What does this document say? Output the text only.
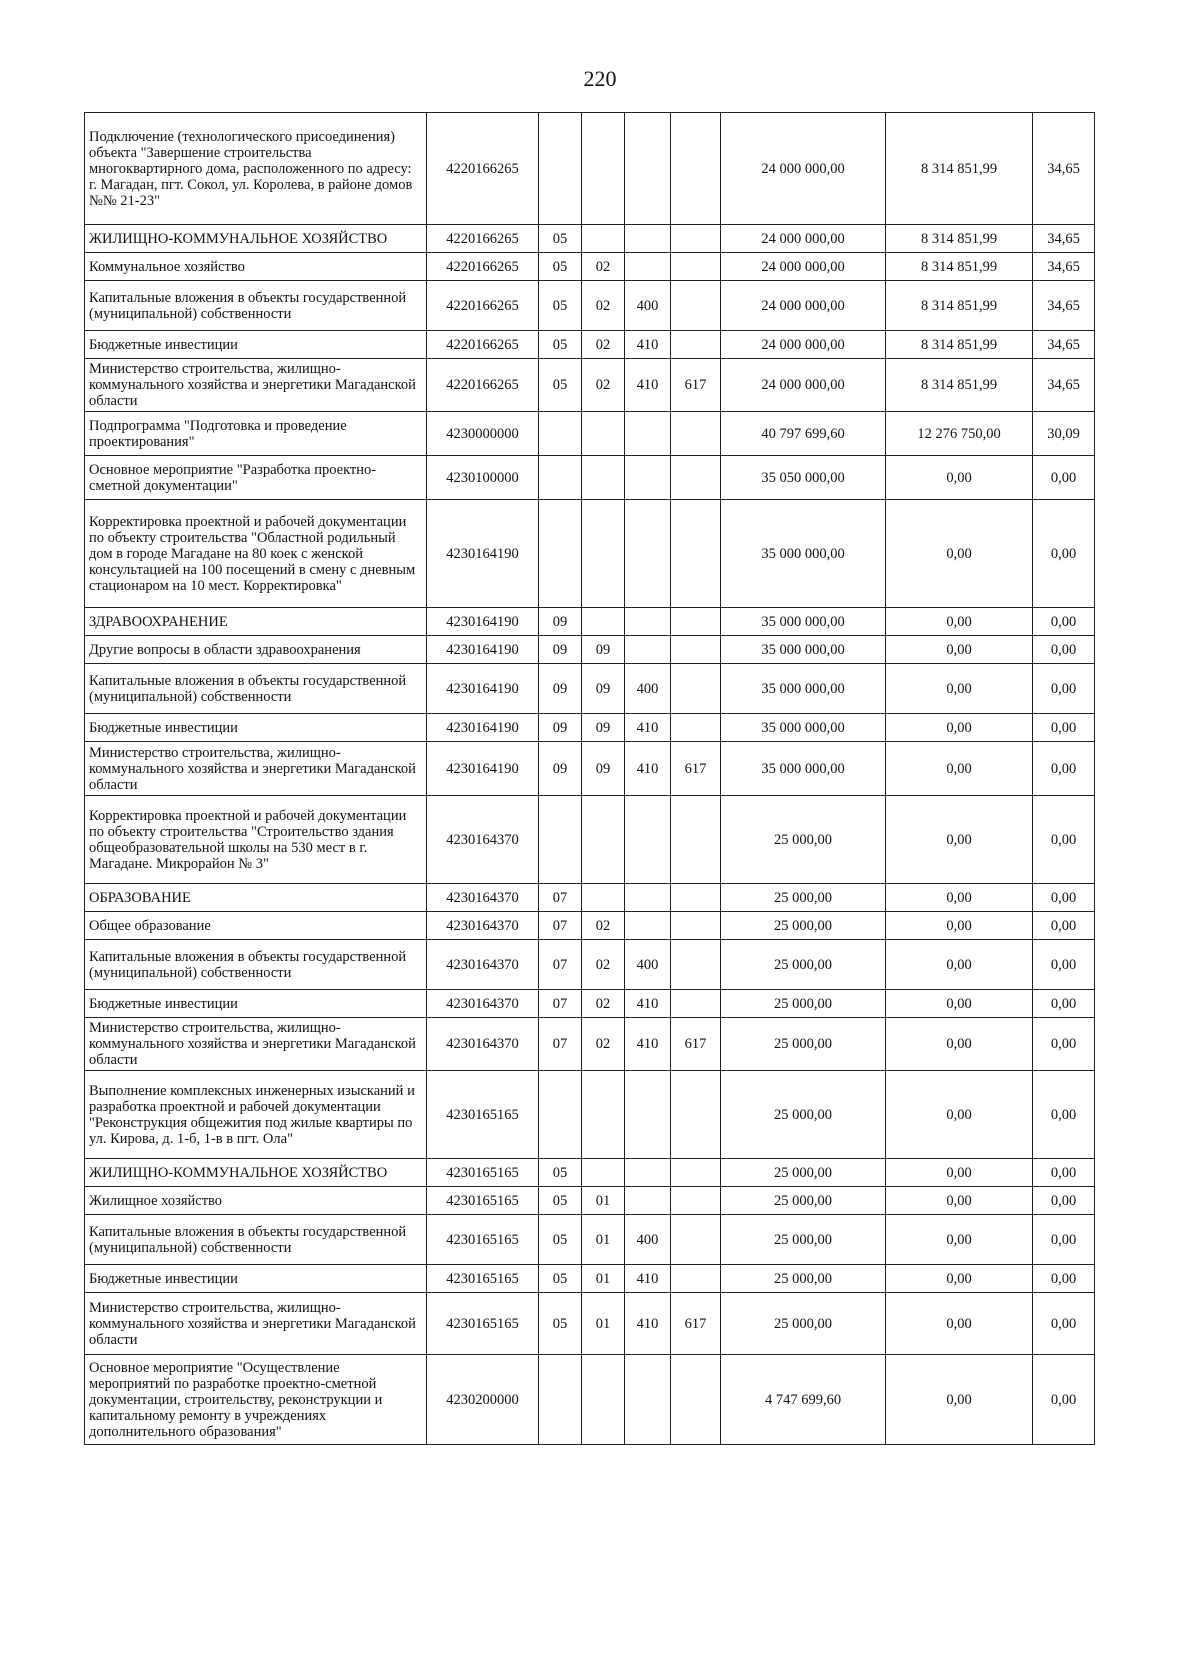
220
Подключение (технологического присоединения) объекта "Завершение строительства многоквартирного дома, расположенного по адресу: г. Магадан, пгт. Сокол, ул. Королева, в районе домов №№ 21-23"	4220166265					24 000 000,00	8 314 851,99	34,65
ЖИЛИЩНО-КОММУНАЛЬНОЕ ХОЗЯЙСТВО	4220166265	05				24 000 000,00	8 314 851,99	34,65
Коммунальное хозяйство	4220166265	05	02			24 000 000,00	8 314 851,99	34,65
Капитальные вложения в объекты государственной (муниципальной) собственности	4220166265	05	02	400		24 000 000,00	8 314 851,99	34,65
Бюджетные инвестиции	4220166265	05	02	410		24 000 000,00	8 314 851,99	34,65
Министерство строительства, жилищно-коммунального хозяйства и энергетики Магаданской области	4220166265	05	02	410	617	24 000 000,00	8 314 851,99	34,65
Подпрограмма "Подготовка и проведение проектирования"	4230000000					40 797 699,60	12 276 750,00	30,09
Основное мероприятие "Разработка проектно-сметной документации"	4230100000					35 050 000,00	0,00	0,00
Корректировка проектной и рабочей документации по объекту строительства "Областной родильный дом в городе Магадане на 80 коек с женской консультацией на 100 посещений в смену с дневным стационаром на 10 мест. Корректировка"	4230164190					35 000 000,00	0,00	0,00
ЗДРАВООХРАНЕНИЕ	4230164190	09				35 000 000,00	0,00	0,00
Другие вопросы в области здравоохранения	4230164190	09	09			35 000 000,00	0,00	0,00
Капитальные вложения в объекты государственной (муниципальной) собственности	4230164190	09	09	400		35 000 000,00	0,00	0,00
Бюджетные инвестиции	4230164190	09	09	410		35 000 000,00	0,00	0,00
Министерство строительства, жилищно-коммунального хозяйства и энергетики Магаданской области	4230164190	09	09	410	617	35 000 000,00	0,00	0,00
Корректировка проектной и рабочей документации по объекту строительства "Строительство здания общеобразовательной школы на 530 мест в г. Магадане. Микрорайон № 3"	4230164370					25 000,00	0,00	0,00
ОБРАЗОВАНИЕ	4230164370	07				25 000,00	0,00	0,00
Общее образование	4230164370	07	02			25 000,00	0,00	0,00
Капитальные вложения в объекты государственной (муниципальной) собственности	4230164370	07	02	400		25 000,00	0,00	0,00
Бюджетные инвестиции	4230164370	07	02	410		25 000,00	0,00	0,00
Министерство строительства, жилищно-коммунального хозяйства и энергетики Магаданской области	4230164370	07	02	410	617	25 000,00	0,00	0,00
Выполнение комплексных инженерных изысканий и разработка проектной и рабочей документации "Реконструкция общежития под жилые квартиры по ул. Кирова, д. 1-б, 1-в в пгт. Ола"	4230165165					25 000,00	0,00	0,00
ЖИЛИЩНО-КОММУНАЛЬНОЕ ХОЗЯЙСТВО	4230165165	05				25 000,00	0,00	0,00
Жилищное хозяйство	4230165165	05	01			25 000,00	0,00	0,00
Капитальные вложения в объекты государственной (муниципальной) собственности	4230165165	05	01	400		25 000,00	0,00	0,00
Бюджетные инвестиции	4230165165	05	01	410		25 000,00	0,00	0,00
Министерство строительства, жилищно-коммунального хозяйства и энергетики Магаданской области	4230165165	05	01	410	617	25 000,00	0,00	0,00
Основное мероприятие "Осуществление мероприятий по разработке проектно-сметной документации, строительству, реконструкции и капитальному ремонту в учреждениях дополнительного образования"	4230200000					4 747 699,60	0,00	0,00
